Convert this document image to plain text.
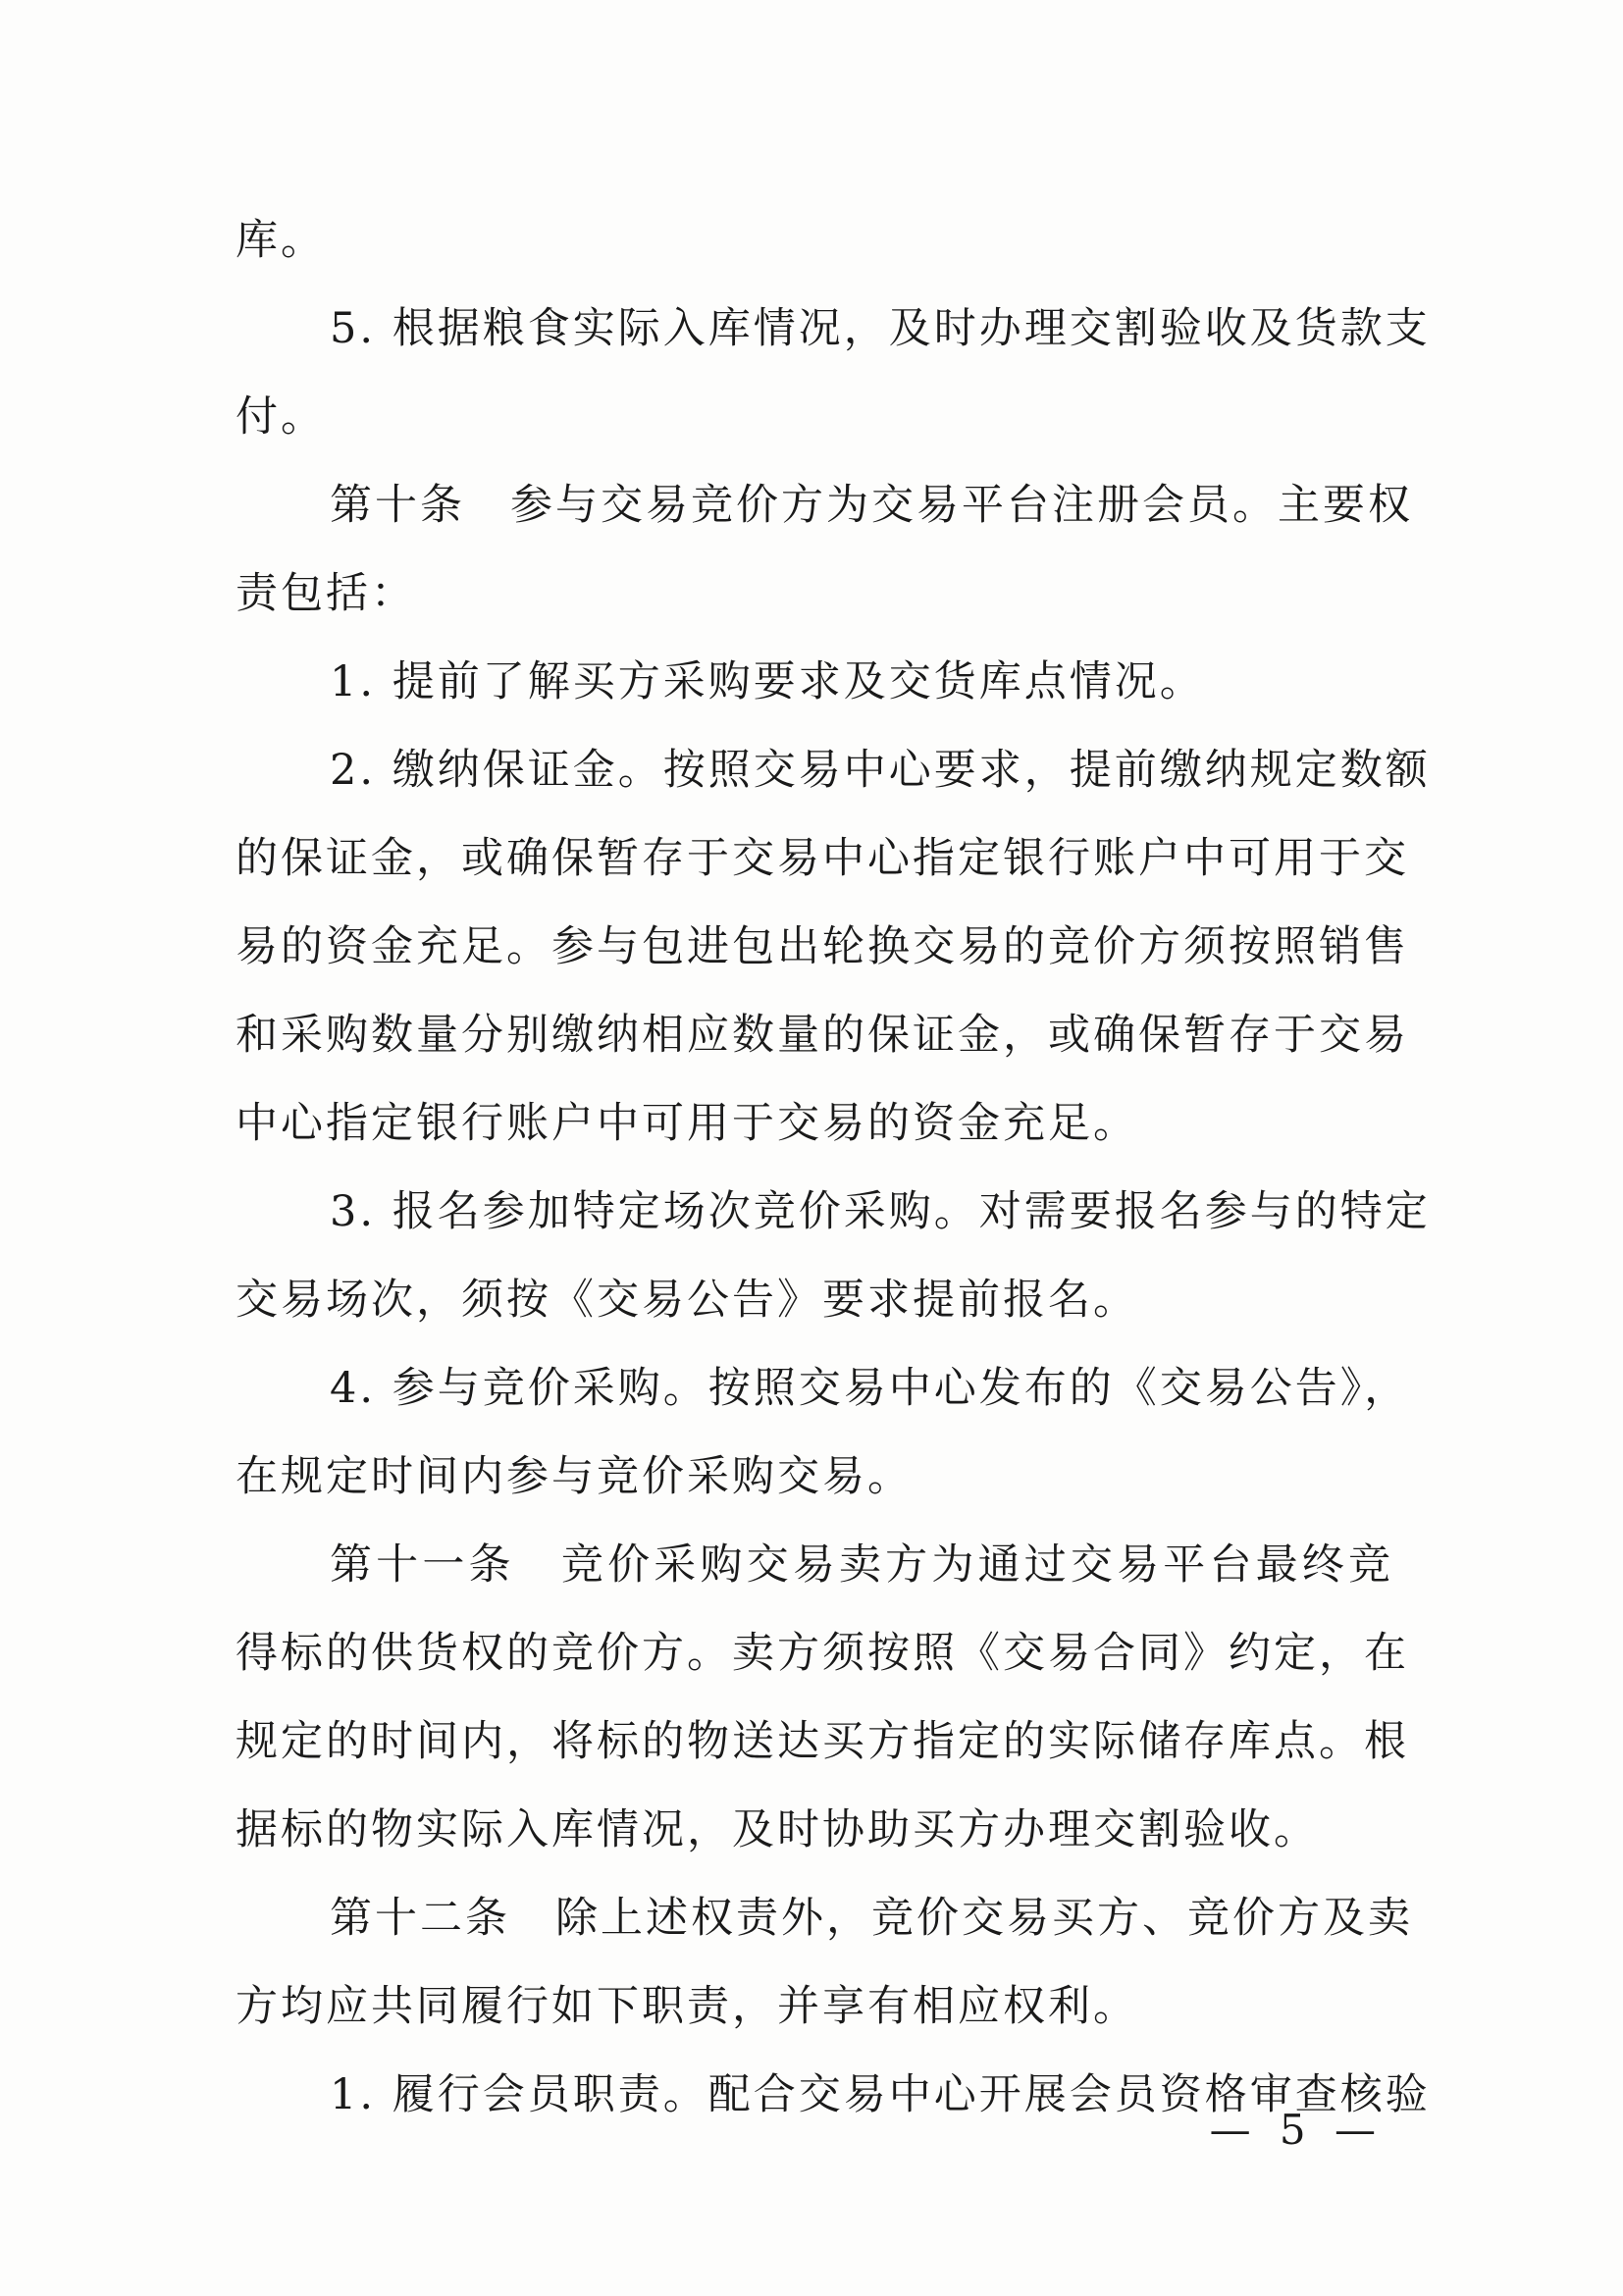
库。
5. 根据粮食实际入库情况，及时办理交割验收及货款支
付。
第十条　参与交易竞价方为交易平台注册会员。主要权
责包括：
1. 提前了解买方采购要求及交货库点情况。
2. 缴纳保证金。按照交易中心要求，提前缴纳规定数额
的保证金，或确保暂存于交易中心指定银行账户中可用于交
易的资金充足。参与包进包出轮换交易的竞价方须按照销售
和采购数量分别缴纳相应数量的保证金，或确保暂存于交易
中心指定银行账户中可用于交易的资金充足。
3. 报名参加特定场次竞价采购。对需要报名参与的特定
交易场次，须按《交易公告》要求提前报名。
4. 参与竞价采购。按照交易中心发布的《交易公告》，
在规定时间内参与竞价采购交易。
第十一条　竞价采购交易卖方为通过交易平台最终竞
得标的供货权的竞价方。卖方须按照《交易合同》约定，在
规定的时间内，将标的物送达买方指定的实际储存库点。根
据标的物实际入库情况，及时协助买方办理交割验收。
第十二条　除上述权责外，竞价交易买方、竞价方及卖
方均应共同履行如下职责，并享有相应权利。
1. 履行会员职责。配合交易中心开展会员资格审查核验
— 5 —
